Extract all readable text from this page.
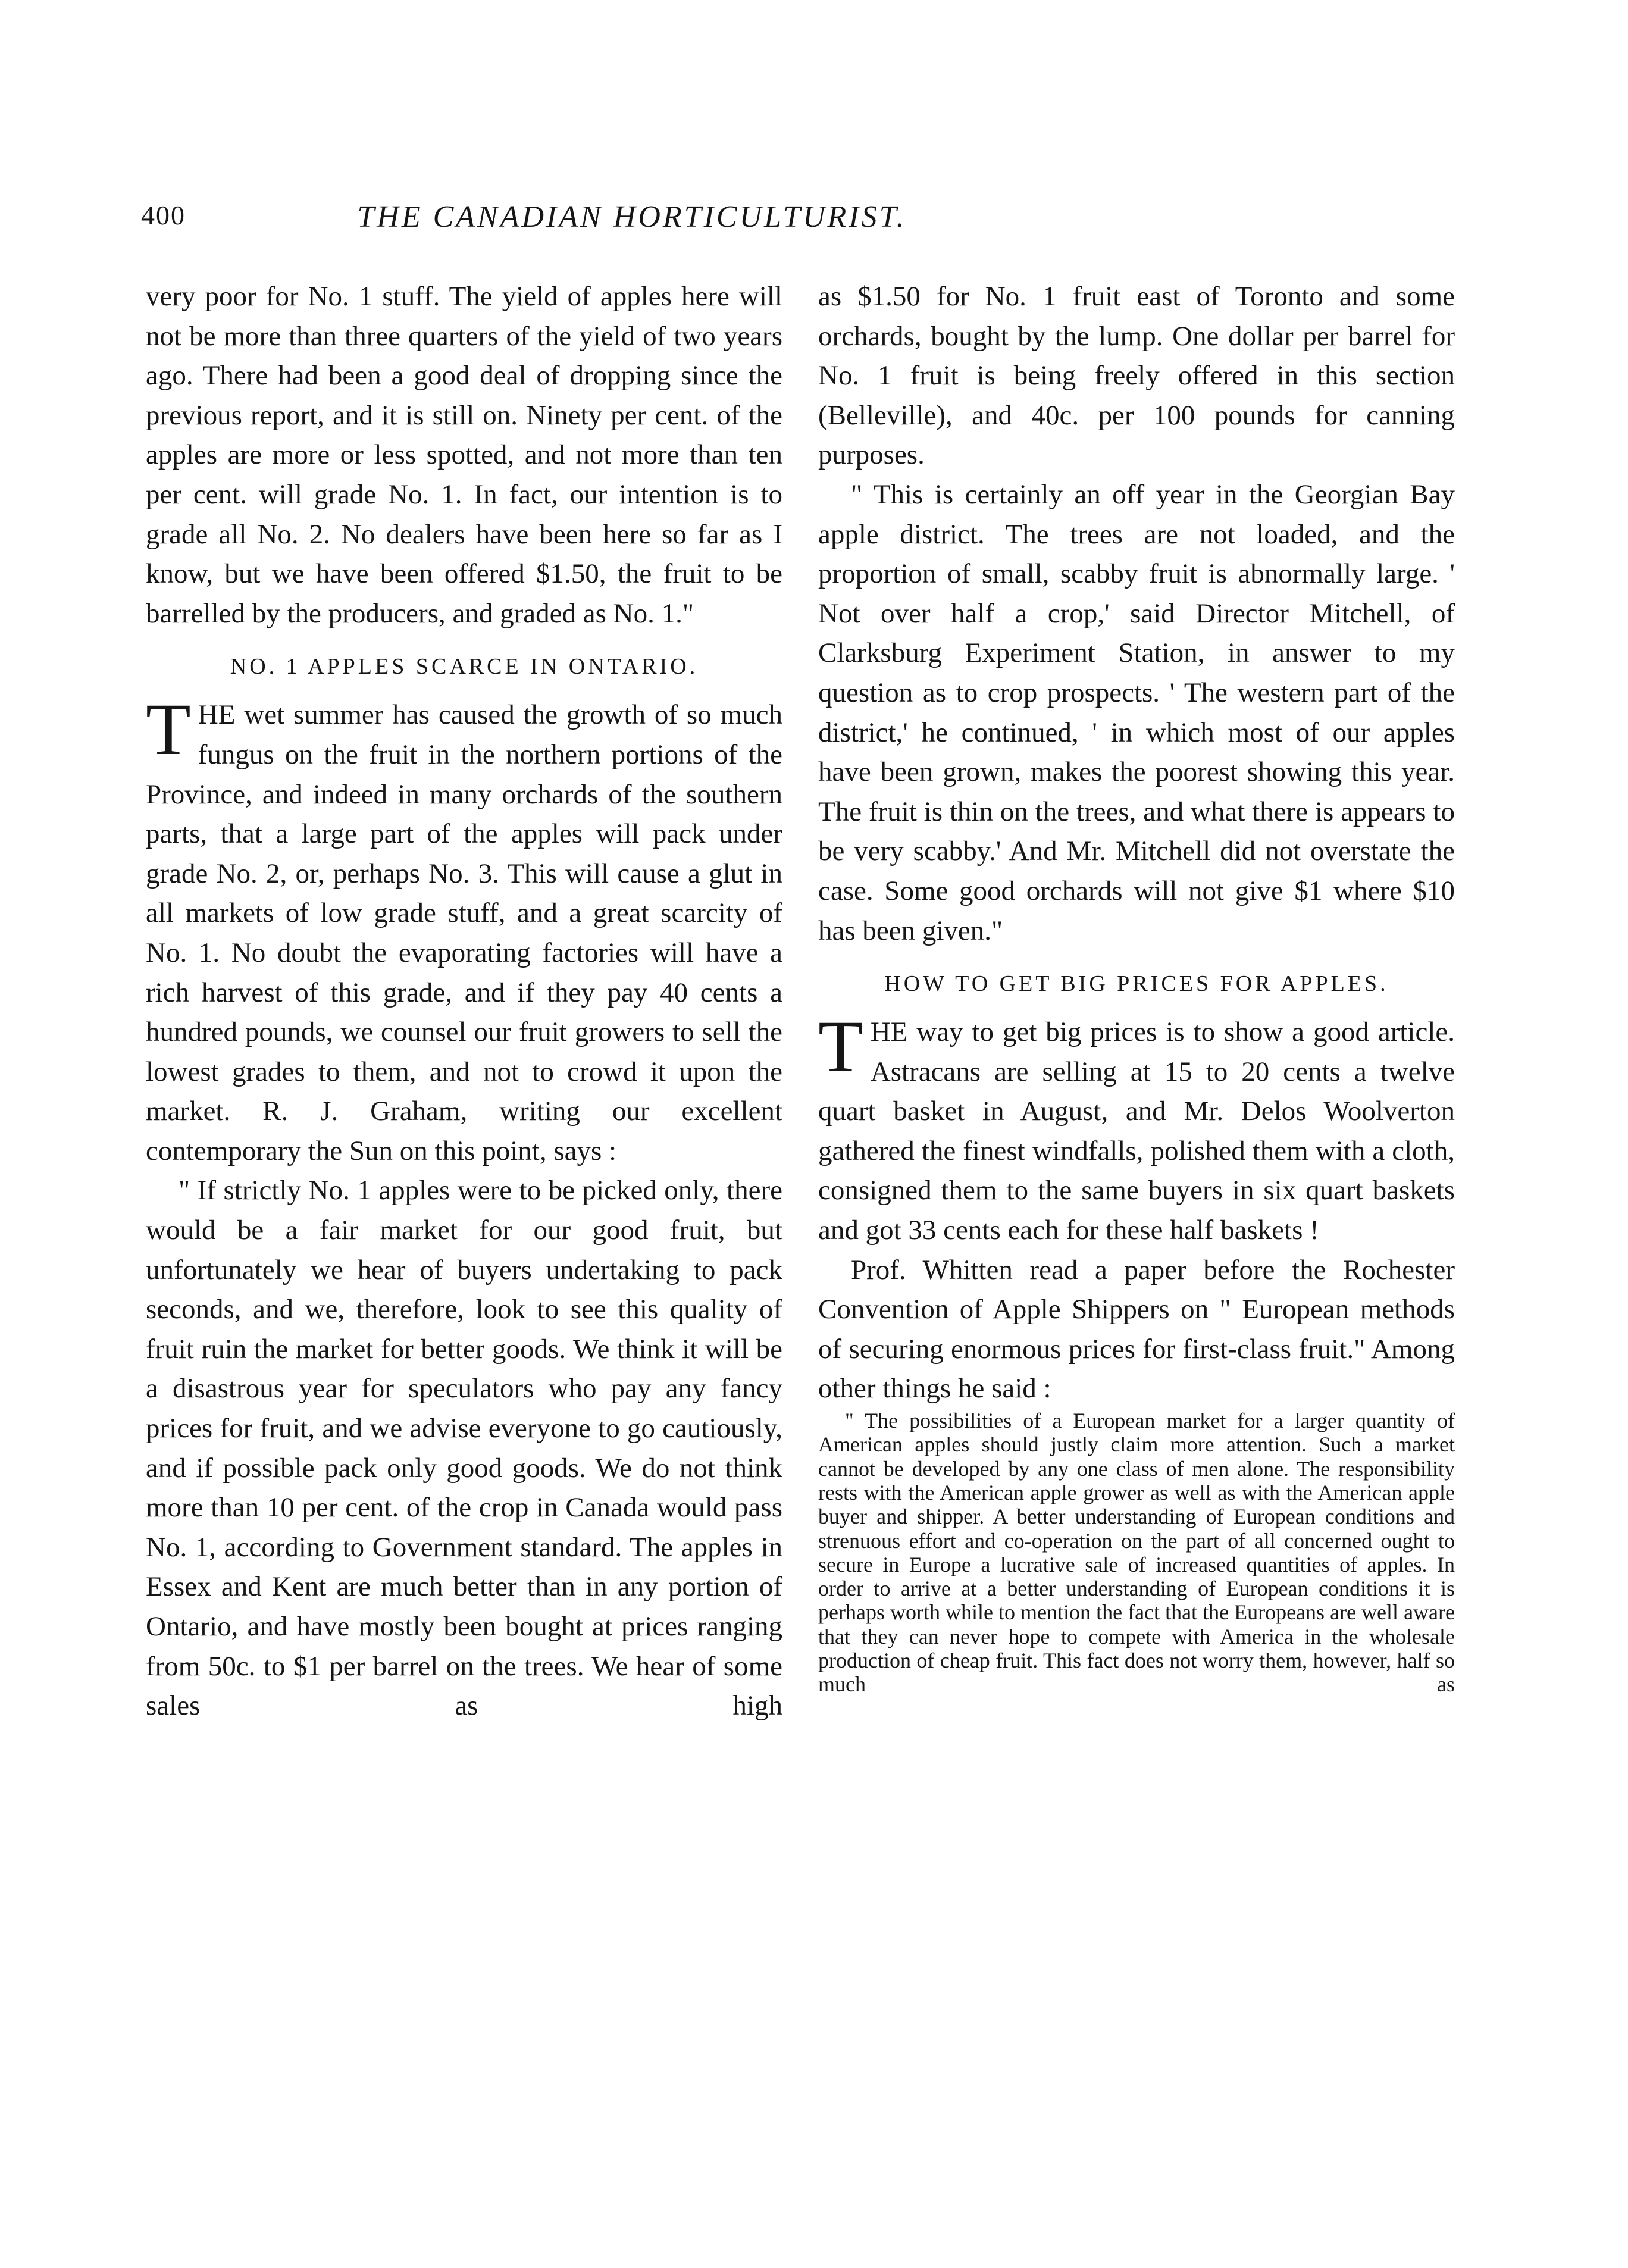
400	THE CANADIAN HORTICULTURIST.

very poor for No. 1 stuff. The yield of apples here will not be more than three quarters of the yield of two years ago. There had been a good deal of dropping since the previous report, and it is still on. Ninety per cent. of the apples are more or less spotted, and not more than ten per cent. will grade No. 1. In fact, our intention is to grade all No. 2. No dealers have been here so far as I know, but we have been offered $1.50, the fruit to be barrelled by the producers, and graded as No. 1."

NO. 1 APPLES SCARCE IN ONTARIO.

THE wet summer has caused the growth of so much fungus on the fruit in the northern portions of the Province, and indeed in many orchards of the southern parts, that a large part of the apples will pack under grade No. 2, or, perhaps No. 3. This will cause a glut in all markets of low grade stuff, and a great scarcity of No. 1. No doubt the evaporating factories will have a rich harvest of this grade, and if they pay 40 cents a hundred pounds, we counsel our fruit growers to sell the lowest grades to them, and not to crowd it upon the market. R. J. Graham, writing our excellent contemporary the Sun on this point, says :

" If strictly No. 1 apples were to be picked only, there would be a fair market for our good fruit, but unfortunately we hear of buyers undertaking to pack seconds, and we, therefore, look to see this quality of fruit ruin the market for better goods. We think it will be a disastrous year for speculators who pay any fancy prices for fruit, and we advise everyone to go cautiously, and if possible pack only good goods. We do not think more than 10 per cent. of the crop in Canada would pass No. 1, according to Government standard. The apples in Essex and Kent are much better than in any portion of Ontario, and have mostly been bought at prices ranging from 50c. to $1 per barrel on the trees. We hear of some sales as high

as $1.50 for No. 1 fruit east of Toronto and some orchards, bought by the lump. One dollar per barrel for No. 1 fruit is being freely offered in this section (Belleville), and 40c. per 100 pounds for canning purposes.

" This is certainly an off year in the Georgian Bay apple district. The trees are not loaded, and the proportion of small, scabby fruit is abnormally large. ' Not over half a crop,' said Director Mitchell, of Clarksburg Experiment Station, in answer to my question as to crop prospects. ' The western part of the district,' he continued, ' in which most of our apples have been grown, makes the poorest showing this year. The fruit is thin on the trees, and what there is appears to be very scabby.' And Mr. Mitchell did not overstate the case. Some good orchards will not give $1 where $10 has been given."

HOW TO GET BIG PRICES FOR APPLES.

THE way to get big prices is to show a good article. Astracans are selling at 15 to 20 cents a twelve quart basket in August, and Mr. Delos Woolverton gathered the finest windfalls, polished them with a cloth, consigned them to the same buyers in six quart baskets and got 33 cents each for these half baskets !

Prof. Whitten read a paper before the Rochester Convention of Apple Shippers on " European methods of securing enormous prices for first-class fruit." Among other things he said :

" The possibilities of a European market for a larger quantity of American apples should justly claim more attention. Such a market cannot be developed by any one class of men alone. The responsibility rests with the American apple grower as well as with the American apple buyer and shipper. A better understanding of European conditions and strenuous effort and co-operation on the part of all concerned ought to secure in Europe a lucrative sale of increased quantities of apples. In order to arrive at a better understanding of European conditions it is perhaps worth while to mention the fact that the Europeans are well aware that they can never hope to compete with America in the wholesale production of cheap fruit. This fact does not worry them, however, half so much as
